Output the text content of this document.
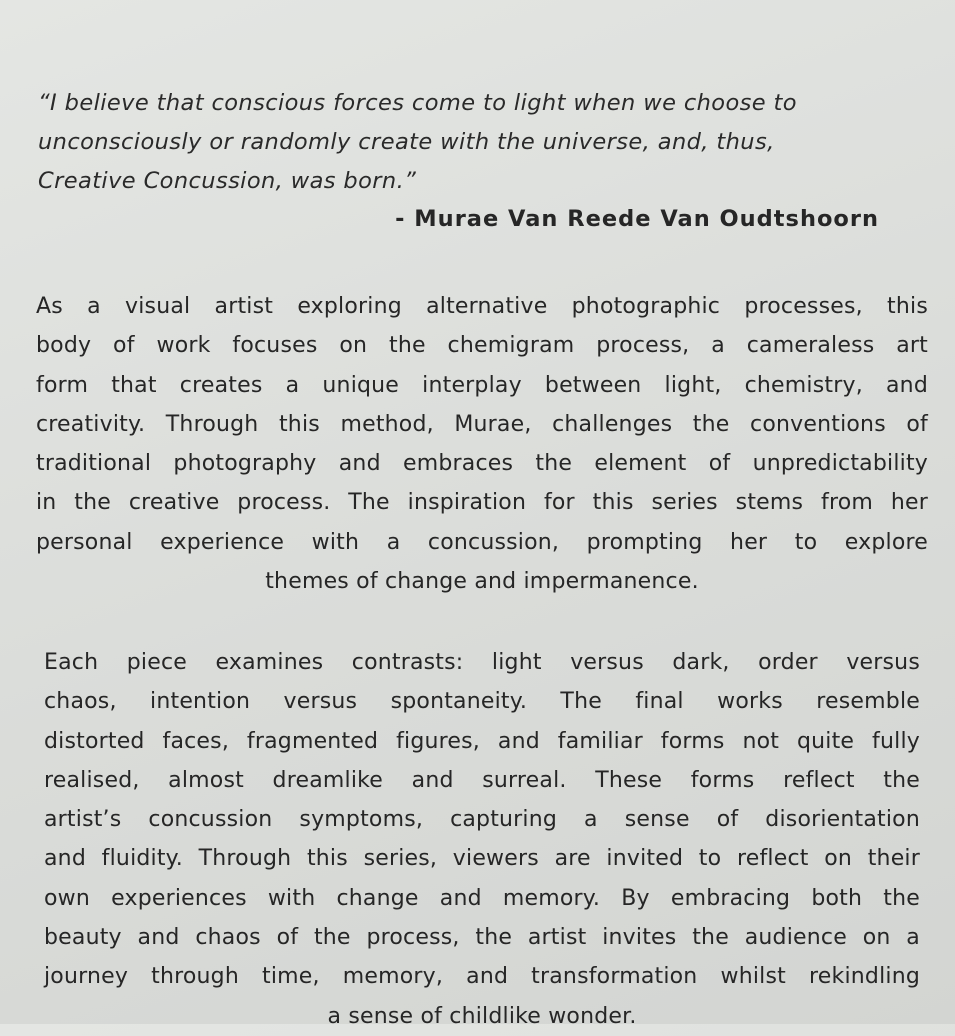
“I believe that conscious forces come to light when we choose to
unconsciously or randomly create with the universe, and, thus,
Creative Concussion, was born.”
- Murae Van Reede Van Oudtshoorn
As a visual artist exploring alternative photographic processes, this
body of work focuses on the chemigram process, a cameraless art
form that creates a unique interplay between light, chemistry, and
creativity. Through this method, Murae, challenges the conventions of
traditional photography and embraces the element of unpredictability
in the creative process. The inspiration for this series stems from her
personal experience with a concussion, prompting her to explore
themes of change and impermanence.
Each piece examines contrasts: light versus dark, order versus
chaos, intention versus spontaneity. The final works resemble
distorted faces, fragmented figures, and familiar forms not quite fully
realised, almost dreamlike and surreal. These forms reflect the
artist’s concussion symptoms, capturing a sense of disorientation
and fluidity. Through this series, viewers are invited to reflect on their
own experiences with change and memory. By embracing both the
beauty and chaos of the process, the artist invites the audience on a
journey through time, memory, and transformation whilst rekindling
a sense of childlike wonder.
